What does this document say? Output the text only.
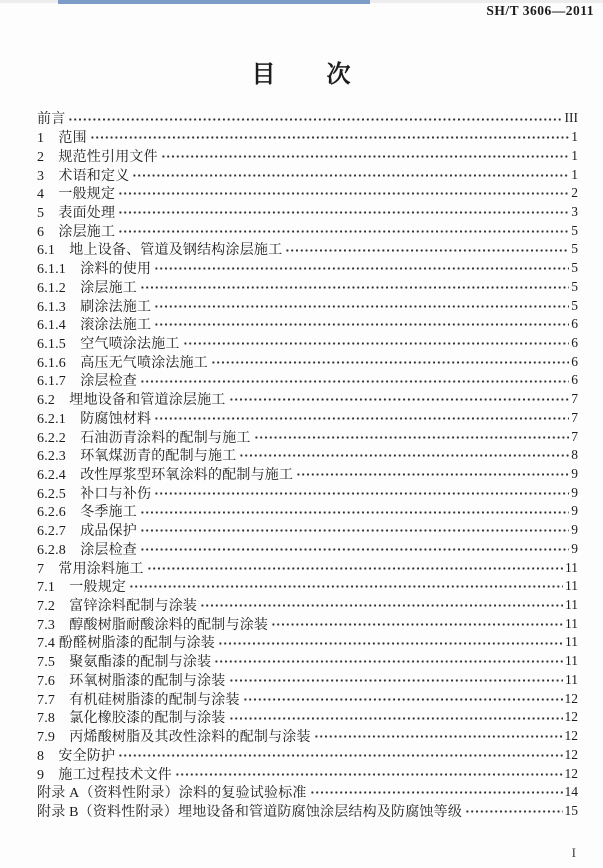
SH/T 3606—2011
目　　次
前言	III
1　范围	1
2　规范性引用文件	1
3　术语和定义	1
4　一般规定	2
5　表面处理	3
6　涂层施工	5
6.1　地上设备、管道及钢结构涂层施工	5
6.1.1　涂料的使用	5
6.1.2　涂层施工	5
6.1.3　刷涂法施工	5
6.1.4　滚涂法施工	6
6.1.5　空气喷涂法施工	6
6.1.6　高压无气喷涂法施工	6
6.1.7　涂层检查	6
6.2　埋地设备和管道涂层施工	7
6.2.1　防腐蚀材料	7
6.2.2　石油沥青涂料的配制与施工	7
6.2.3　环氧煤沥青的配制与施工	8
6.2.4　改性厚浆型环氧涂料的配制与施工	9
6.2.5　补口与补伤	9
6.2.6　冬季施工	9
6.2.7　成品保护	9
6.2.8　涂层检查	9
7　常用涂料施工	11
7.1　一般规定	11
7.2　富锌涂料配制与涂装	11
7.3　醇酸树脂耐酸涂料的配制与涂装	11
7.4 酚醛树脂漆的配制与涂装	11
7.5　聚氨酯漆的配制与涂装	11
7.6　环氧树脂漆的配制与涂装	11
7.7　有机硅树脂漆的配制与涂装	12
7.8　氯化橡胶漆的配制与涂装	12
7.9　丙烯酸树脂及其改性涂料的配制与涂装	12
8　安全防护	12
9　施工过程技术文件	12
附录 A（资料性附录）涂料的复验试验标准	14
附录 B（资料性附录）埋地设备和管道防腐蚀涂层结构及防腐蚀等级	15
I
